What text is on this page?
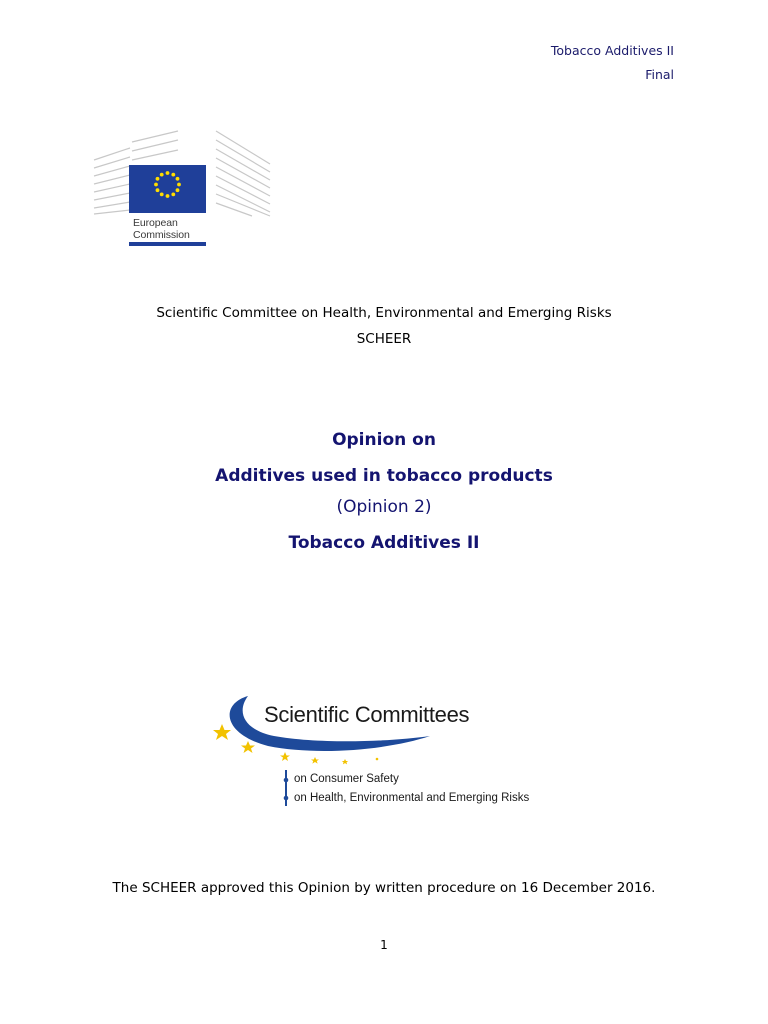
Tobacco Additives II
Final
European
Commission
Scientific Committee on Health, Environmental and Emerging Risks
SCHEER
Opinion on
Additives used in tobacco products
(Opinion 2)
Tobacco Additives II
Scientific Committees
on Consumer Safety
on Health, Environmental and Emerging Risks
The SCHEER approved this Opinion by written procedure on 16 December 2016.
1
